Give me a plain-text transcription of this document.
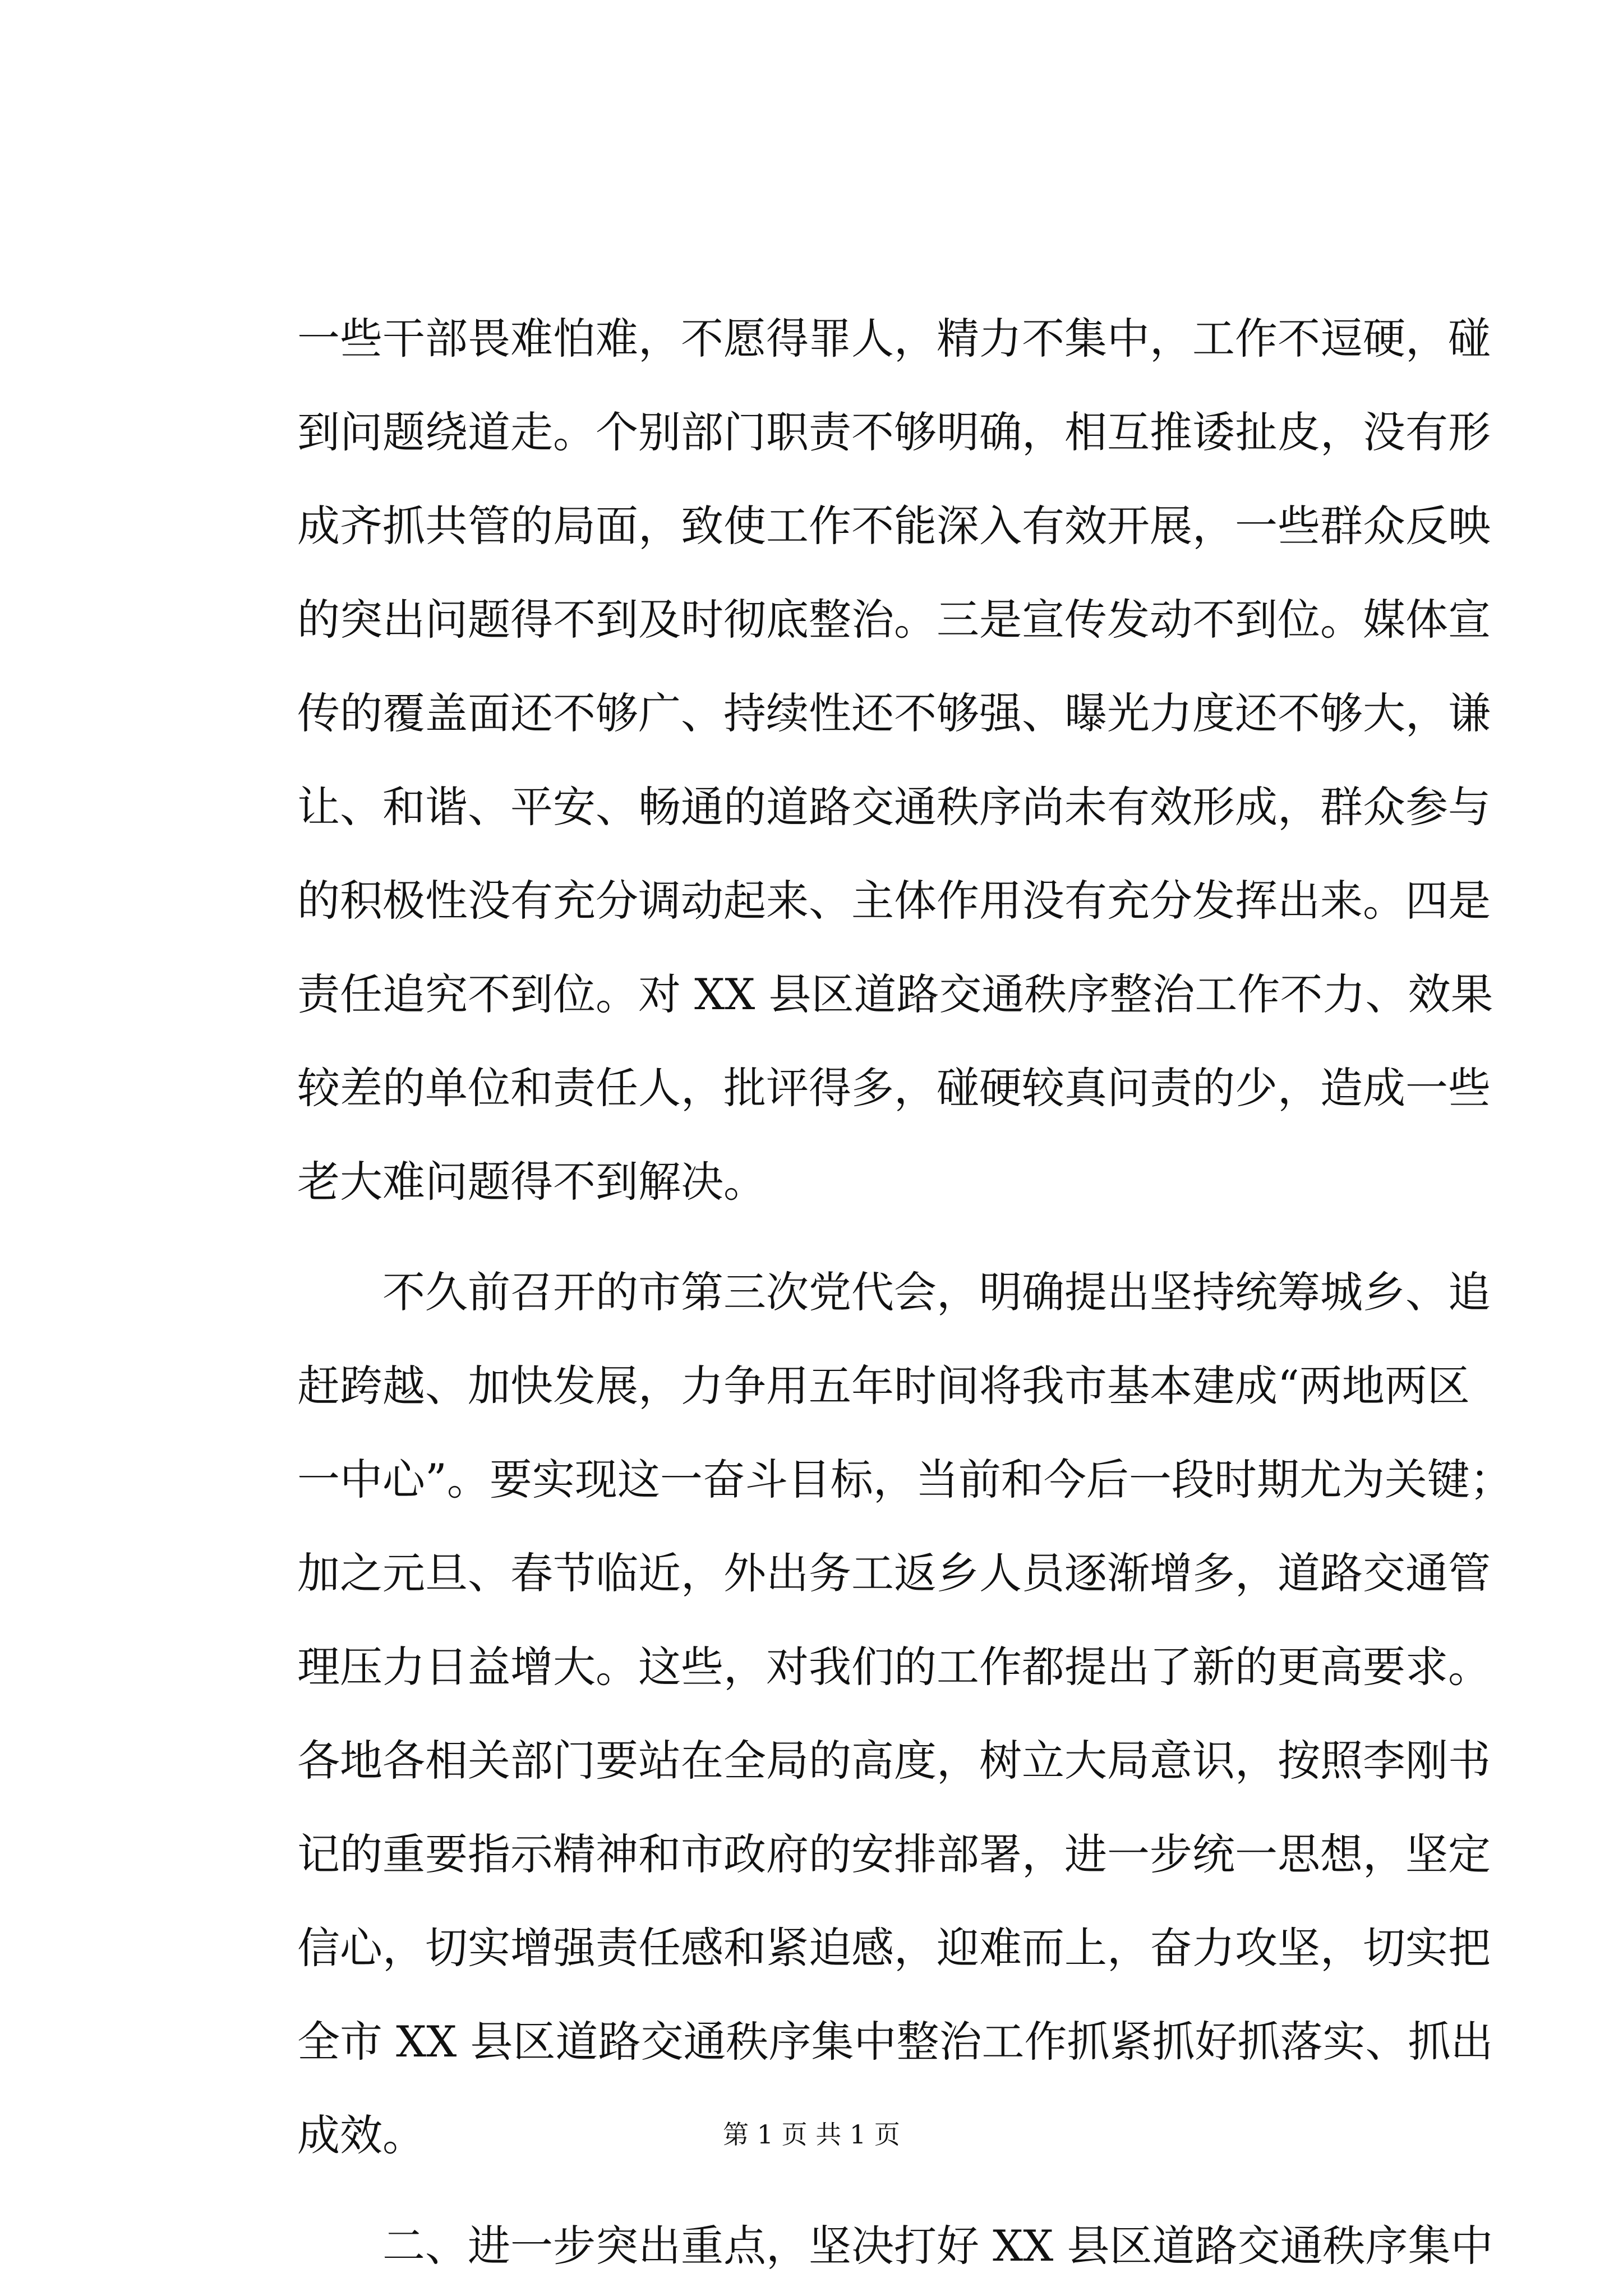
一些干部畏难怕难，不愿得罪人，精力不集中，工作不逗硬，碰
到问题绕道走。个别部门职责不够明确，相互推诿扯皮，没有形
成齐抓共管的局面，致使工作不能深入有效开展，一些群众反映
的突出问题得不到及时彻底整治。三是宣传发动不到位。媒体宣
传的覆盖面还不够广、持续性还不够强、曝光力度还不够大，谦
让、和谐、平安、畅通的道路交通秩序尚未有效形成，群众参与
的积极性没有充分调动起来、主体作用没有充分发挥出来。四是
责任追究不到位。对 XX 县区道路交通秩序整治工作不力、效果
较差的单位和责任人，批评得多，碰硬较真问责的少，造成一些
老大难问题得不到解决。
　　不久前召开的市第三次党代会，明确提出坚持统筹城乡、追
赶跨越、加快发展，力争用五年时间将我市基本建成“两地两区
一中心”。要实现这一奋斗目标，当前和今后一段时期尤为关键；
加之元旦、春节临近，外出务工返乡人员逐渐增多，道路交通管
理压力日益增大。这些，对我们的工作都提出了新的更高要求。
各地各相关部门要站在全局的高度，树立大局意识，按照李刚书
记的重要指示精神和市政府的安排部署，进一步统一思想，坚定
信心，切实增强责任感和紧迫感，迎难而上，奋力攻坚，切实把
全市 XX 县区道路交通秩序集中整治工作抓紧抓好抓落实、抓出
成效。
　　二、进一步突出重点，坚决打好 XX 县区道路交通秩序集中
第 1 页 共 1 页
